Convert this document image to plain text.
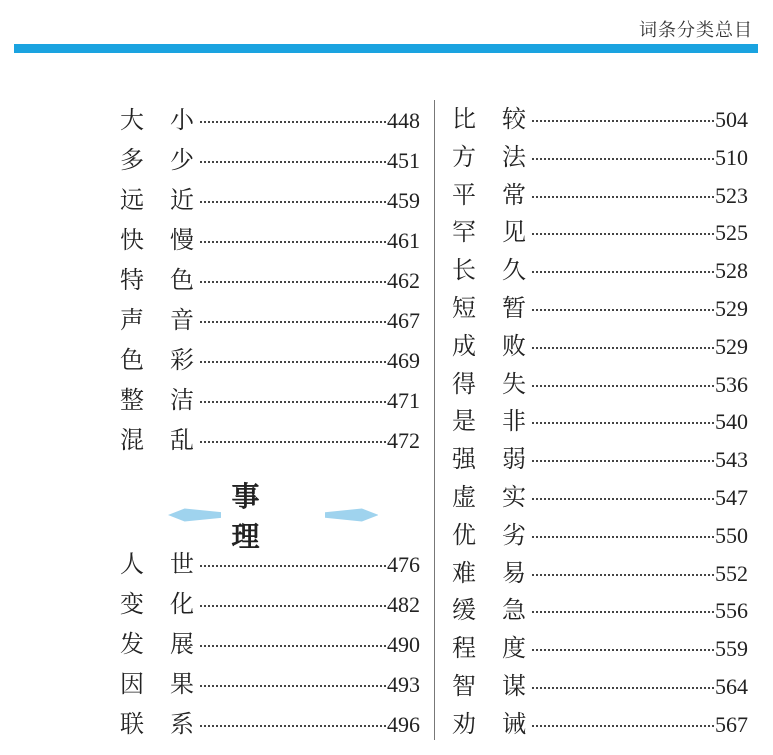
词条分类总目
大 小	448
多 少	451
远 近	459
快 慢	461
特 色	462
声 音	467
色 彩	469
整 洁	471
混 乱	472
事理
人 世	476
变 化	482
发 展	490
因 果	493
联 系	496
比 较	504
方 法	510
平 常	523
罕 见	525
长 久	528
短 暂	529
成 败	529
得 失	536
是 非	540
强 弱	543
虚 实	547
优 劣	550
难 易	552
缓 急	556
程 度	559
智 谋	564
劝 诫	567
